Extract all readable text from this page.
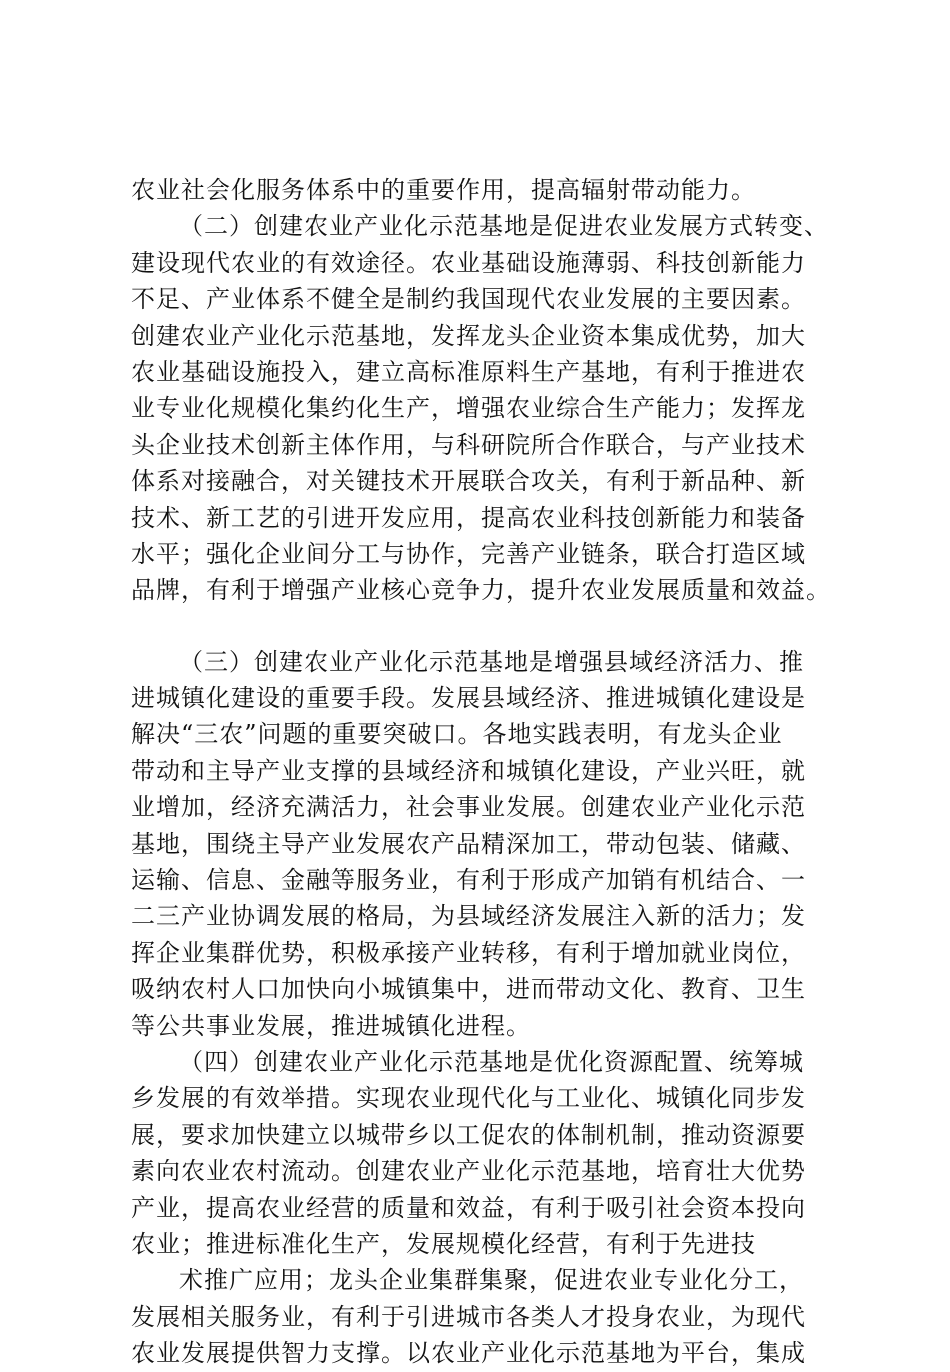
农业社会化服务体系中的重要作用，提高辐射带动能力。
（二）创建农业产业化示范基地是促进农业发展方式转变、
建设现代农业的有效途径。农业基础设施薄弱、科技创新能力
不足、产业体系不健全是制约我国现代农业发展的主要因素。
创建农业产业化示范基地，发挥龙头企业资本集成优势，加大
农业基础设施投入，建立高标准原料生产基地，有利于推进农
业专业化规模化集约化生产，增强农业综合生产能力；发挥龙
头企业技术创新主体作用，与科研院所合作联合，与产业技术
体系对接融合，对关键技术开展联合攻关，有利于新品种、新
技术、新工艺的引进开发应用，提高农业科技创新能力和装备
水平；强化企业间分工与协作，完善产业链条，联合打造区域
品牌，有利于增强产业核心竞争力，提升农业发展质量和效益。
（三）创建农业产业化示范基地是增强县域经济活力、推
进城镇化建设的重要手段。发展县域经济、推进城镇化建设是
解决“三农”问题的重要突破口。各地实践表明，有龙头企业
带动和主导产业支撑的县域经济和城镇化建设，产业兴旺，就
业增加，经济充满活力，社会事业发展。创建农业产业化示范
基地，围绕主导产业发展农产品精深加工，带动包装、储藏、
运输、信息、金融等服务业，有利于形成产加销有机结合、一
二三产业协调发展的格局，为县域经济发展注入新的活力；发
挥企业集群优势，积极承接产业转移，有利于增加就业岗位，
吸纳农村人口加快向小城镇集中，进而带动文化、教育、卫生
等公共事业发展，推进城镇化进程。
（四）创建农业产业化示范基地是优化资源配置、统筹城
乡发展的有效举措。实现农业现代化与工业化、城镇化同步发
展，要求加快建立以城带乡以工促农的体制机制，推动资源要
素向农业农村流动。创建农业产业化示范基地，培育壮大优势
产业，提高农业经营的质量和效益，有利于吸引社会资本投向
农业；推进标准化生产，发展规模化经营，有利于先进技
术推广应用；龙头企业集群集聚，促进农业专业化分工，
发展相关服务业，有利于引进城市各类人才投身农业，为现代
农业发展提供智力支撑。以农业产业化示范基地为平台，集成
